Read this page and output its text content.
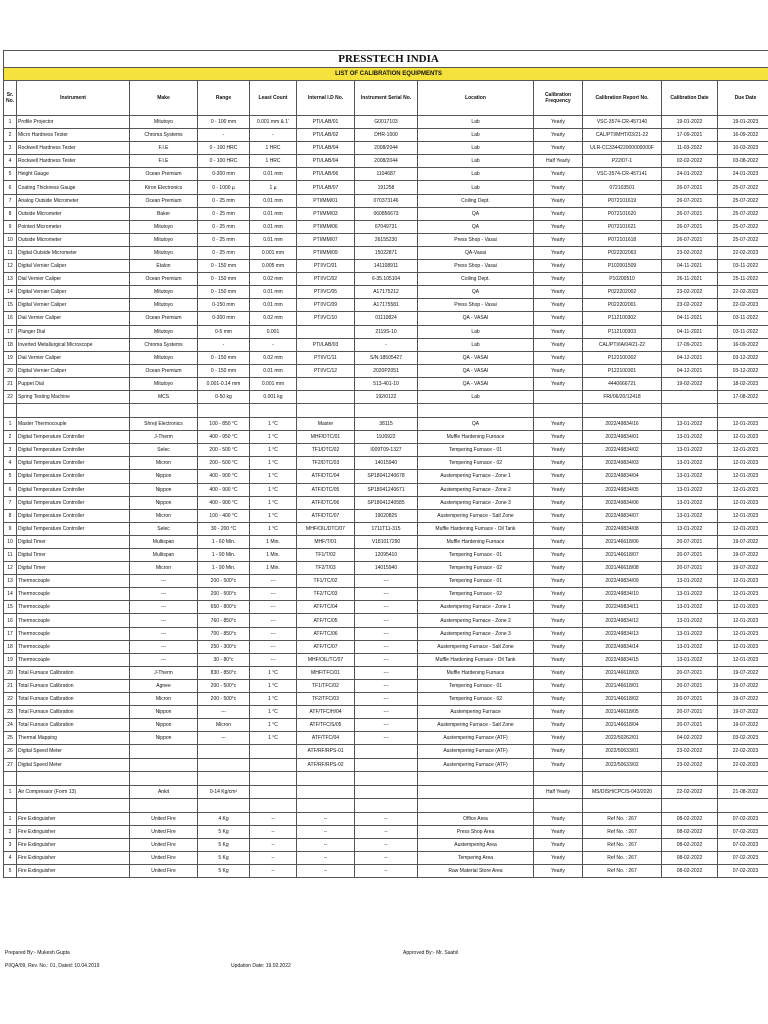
PRESSTECH INDIA											
LIST OF CALIBRATION EQUIPMENTS											
Sr. No.	Instrument	Make	Range	Least Count	Internal I.D No.	Instrument Serial No.	Location	Calibration Frequency	Calibration Report No.	Calibration Date	Due Date
1	Profile Projector	Mitutoyo	0 - 100 mm	0.001 mm & 1'	PTI/LAB/01	G0017103	Lab	Yearly	VSC-3574-CR-457140	19-01-2022	19-01-2023
2	Micro Hardness Tester	Chroma Systems	-	-	PTI/LAB/02	DHR-1000	Lab	Yearly	CAL/PTI/MHT/03/21-22	17-09-2021	16-09-2022
3	Rockwell Hardness Tester	F.I.E	0 - 100 HRC	1 HRC	PTI/LAB/04	2008/2044	Lab	Yearly	ULR-CC334422000000000F	11-03-2022	10-03-2023
4	Rockwell Hardness Tester	F.I.E	0 - 100 HRC	1 HRC	PTI/LAB/04	2008/2044	Lab	Half Yearly	P22/07-1	02-02-2022	03-08-2022
5	Height Gauge	Ocean Premium	0-300 mm	0.01 mm	PTI/LAB/06	1104687	Lab	Yearly	VSC-3574-CR-457141	24-01-2022	24-01-2023
6	Coating Thickness Gauge	Kiron Electronics	0 - 1000 µ	1 µ	PTI/LAB/07	191258	Lab	Yearly	072103501	26-07-2021	25-07-2022
7	Analog Outside Micrometer	Ocean Premium	0 - 25 mm	0.01 mm	PTI/MM/01	070373146	Coiling Dept.	Yearly	P072101619	26-07-2021	25-07-2022
8	Outside Micrometer	Baker	0 - 25 mm	0.01 mm	PTI/MM/03	060856673	QA	Yearly	P072101620	26-07-2021	25-07-2022
9	Pointed Micrometer	Mitutoyo	0 - 25 mm	0.01 mm	PTI/MM/06	67049731	QA	Yearly	P072101621	26-07-2021	25-07-2022
10	Outside Micrometer	Mitutoyo	0 - 25 mm	0.01 mm	PTI/MM/07	26155230	Press Shop - Vasai	Yearly	P072101618	26-07-2021	25-07-2022
11	Digital Outside Micrometer	Mitutoyo	0 - 25 mm	0.001 mm	PTI/MM/09	15022871	QA-Vasai	Yearly	P022202063	23-02-2022	22-02-2023
12	Digital Vernier Caliper	Etalon	0 - 150 mm	0.005 mm	PTI/VC/01	141108911	Press Shop - Vasai	Yearly	P102001509	04-11-2021	03-11-2022
13	Dial Vernier Caliper	Ocean Premium	0 - 150 mm	0.02 mm	PTI/VC/02	6-35.105104	Coiling Dept.	Yearly	P10200510	26-11-2021	25-11-2022
14	Digital Vernier Caliper	Mitutoyo	0 - 150 mm	0.01 mm	PTI/VC/05	A17175212	QA	Yearly	P022202002	23-02-2022	22-02-2023
15	Digital Vernier Caliper	Mitutoyo	0-150 mm	0.01 mm	PTI/VC/09	A17175581	Press Shop - Vasai	Yearly	P022202001	23-02-2022	22-02-2023
16	Dial Vernier Caliper	Ocean Premium	0-300 mm	0.02 mm	PTI/VC/10	01110824	QA - VASAI	Yearly	P112100302	04-11-2021	03-11-2022
17	Plunger Dial	Mitutoyo	0-5 mm	0.001		2119S-10	Lab	Yearly	P112100303	04-11-2021	03-11-2022
18	Inverted Metallurgical Microscope	Chroma Systems	-	-	PTI/LAB/03	-	Lab	Yearly	CAL/PTI/IA/04/21-22	17-09-2021	16-09-2022
19	Dial Vernier Caliper	Mitutoyo	0 - 150 mm	0.02 mm	PTI/VC/11	S/N:18505427	QA - VASAI	Yearly	P122100302	04-12-2021	03-12-2022
20	Digital Vernier Caliper	Ocean Premium	0 - 150 mm	0.01 mm	PTI/VC/12	2020P2051	QA - VASAI	Yearly	P122100301	04-12-2021	03-12-2022
21	Puppet Dial	Mitutoyo	0.001-0.14 mm	0.001 mm		513-401-10	QA - VASAI	Yearly	4440666721	19-02-2022	18-02-2023
22	Spring Testing Machine	MCS	0-50 kg	0.001 kg		192/0122	Lab		FRI/06/20/12418		17-08-2022

1	Master Thermocouple	Shreji Electronics	100 - 850 °C	1 °C	Master	38115	QA	Yearly	2022/49834/16	13-01-2022	12-01-2023
2	Digital Temperature Controller	J-Therm	400 - 950 °C	1 °C	MHF/DTC/01	19J0922	Muffle Hardening Furnace	Yearly	2022/49834/01	13-01-2022	12-01-2023
3	Digital Temperature Controller	Selec	200 - 500 °C	1 °C	TF1/DTC/02	I009T09-1327	Tempering Furnace - 01	Yearly	2022/49834/02	13-01-2022	12-01-2023
4	Digital Temperature Controller	Micron	200 - 500 °C	1 °C	TF2/DTC/03	14015940	Tempering Furnace - 02	Yearly	2022/49834/03	13-01-2022	12-01-2023
5	Digital Temperature Controller	Nippon	400 - 900 °C	1 °C	ATF/DTC/04	SP18041240678	Austempering Furnace - Zone 1	Yearly	2022/49834/04	13-01-2022	12-01-2023
6	Digital Temperature Controller	Nippon	400 - 900 °C	1 °C	ATF/DTC/05	SP18041240671	Austempering Furnace - Zone 2	Yearly	2022/49834/05	13-01-2022	12-01-2023
7	Digital Temperature Controller	Nippon	400 - 900 °C	1 °C	ATF/DTC/06	SP18041240585	Austempering Furnace - Zone 3	Yearly	2022/49834/06	13-01-2022	12-01-2023
8	Digital Temperature Controller	Micron	100 - 400 °C	1 °C	ATF/DTC/07	19020825	Austempering Furnace - Salt Zone	Yearly	2022/49834/07	13-01-2022	12-01-2023
9	Digital Temperature Controller	Selec	30 - 200 °C	1 °C	MHF/OIL/DTC/07	1711T11-315	Muffle Hardening Furnace - Oil Tank	Yearly	2022/49834/08	13-01-2022	12-01-2023
10	Digital Timer	Multispan	1 - 60 Min.	1 Min.	MHF/T/01	V181017290	Muffle Hardening Furnace	Yearly	2021/46618/06	20-07-2021	19-07-2022
11	Digital Timer	Multispan	1 - 90 Min.	1 Min.	TF1/T/02	12095410	Tempering Furnace - 01	Yearly	2021/46618/07	20-07-2021	19-07-2022
12	Digital Timer	Micron	1 - 90 Min.	1 Min.	TF2/T/03	14015940	Tempering Furnace - 02	Yearly	2021/46618/08	20-07-2021	19-07-2022
13	Thermocouple	---	200 - 500°c	---	TF1/TC/02	---	Tempering Furnace - 01	Yearly	2022/49834/09	13-01-2022	12-01-2023
14	Thermocouple	---	200 - 500°c	---	TF2/TC/03	---	Tempering Furnace - 02	Yearly	2022/49834/10	13-01-2022	12-01-2023
15	Thermocouple	---	650 - 800°c	---	ATF/TC/04	---	Austempering Furnace - Zone 1	Yearly	2022/49834/11	13-01-2022	12-01-2023
16	Thermocouple	---	760 - 850°c	---	ATF/TC/05	---	Austempering Furnace - Zone 2	Yearly	2022/49834/12	13-01-2022	12-01-2023
17	Thermocouple	---	700 - 850°c	---	ATF/TC/06	---	Austempering Furnace - Zone 3	Yearly	2022/49834/13	13-01-2022	12-01-2023
18	Thermocouple	---	250 - 300°c	---	ATF/TC/07	---	Austempering Furnace - Salt Zone	Yearly	2022/49834/14	13-01-2022	12-01-2023
19	Thermocouple	---	30 - 80°c	---	MHF/OIL/TC/07	---	Muffle Hardening Furnace - Oil Tank	Yearly	2022/49834/15	13-01-2022	12-01-2023
20	Total Furnace Calibration	J-Therm	830 - 850°c	1 °C	MHF/TFC/01	---	Muffle Hardening Furnace	Yearly	2021/46618/03	20-07-2021	19-07-2022
21	Total Furnace Calibration	Agnee	200 - 500°c	1 °C	TF1/TFC/02	---	Tempering Furnace - 01	Yearly	2021/46618/01	20-07-2021	19-07-2022
22	Total Furnace Calibration	Micron	200 - 500°c	1 °C	TF2/TFC/03	---	Tempering Furnace - 02	Yearly	2021/46618/02	20-07-2021	19-07-2022
23	Total Furnace Calibration	Nippon	---	1 °C	ATF/TFC/H/04	---	Austempering Furnace	Yearly	2021/46618/05	20-07-2021	19-07-2022
24	Total Furnace Calibration	Nippon	Micron	1 °C	ATF/TFC/S/05	---	Austempering Furnace - Salt Zone	Yearly	2021/46618/04	20-07-2021	19-07-2022
25	Thermal Mapping	Nippon	---	1 °C	ATF/TFC/04	---	Austempering Furnace (ATF)	Yearly	2022/50262/01	04-02-2022	03-02-2023
26	Digital Speed Meter				ATF/RF/RPS-01		Austempering Furnace (ATF)	Yearly	2022/50633/01	23-02-2022	22-02-2023
27	Digital Speed Meter				ATF/RF/RPS-02		Austempering Furnace (ATF)	Yearly	2022/50633/02	23-02-2022	22-02-2023

1	Air Compressor (Form 13)	Ankit	0-14 Kg/cm²					Half Yearly	MS/DISH/CPC/S-043/2020	22-02-2022	21-08-2022

1	Fire Extinguisher	United Fire	4 Kg	--	--	--	Office Area	Yearly	Ref No. : 267	08-02-2022	07-02-2023
2	Fire Extinguisher	United Fire	5 Kg	--	--	--	Press Shop Area	Yearly	Ref No. : 267	08-02-2022	07-02-2023
3	Fire Extinguisher	United Fire	5 Kg	--	--	--	Austempering Area	Yearly	Ref No. : 267	08-02-2022	07-02-2023
4	Fire Extinguisher	United Fire	5 Kg	--	--	--	Tempering Area	Yearly	Ref No. : 267	08-02-2022	07-02-2023
5	Fire Extinguisher	United Fire	5 Kg	--	--	--	Raw Material Store Area	Yearly	Ref No. : 267	08-02-2022	07-02-2023
Prepared By:- Mukesh Gupta	Approved By:- Mr. Saahil
PI/QA/09, Rev. No.: 01, Dated: 10.04.2019	Updation Date: 19.02.2022
